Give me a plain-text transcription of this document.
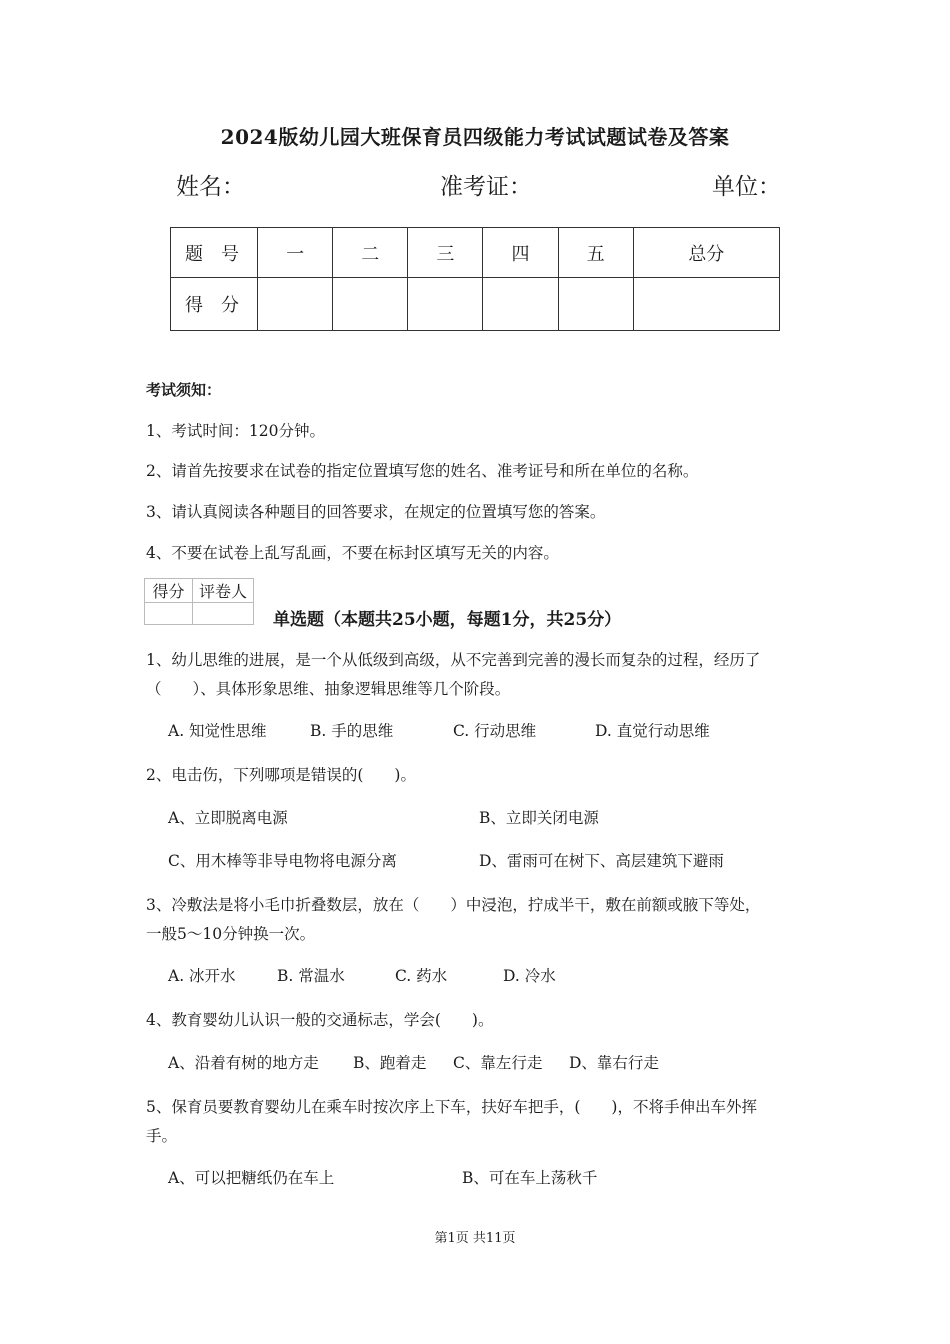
2024版幼儿园大班保育员四级能力考试试题试卷及答案
姓名：	准考证：	单位：
题号	一	二	三	四	五	总分
得分						
考试须知：
1、考试时间：120分钟。
2、请首先按要求在试卷的指定位置填写您的姓名、准考证号和所在单位的名称。
3、请认真阅读各种题目的回答要求，在规定的位置填写您的答案。
4、不要在试卷上乱写乱画，不要在标封区填写无关的内容。
得分	评卷人

单选题（本题共25小题，每题1分，共25分）
1、幼儿思维的进展，是一个从低级到高级，从不完善到完善的漫长而复杂的过程，经历了
（　　）、具体形象思维、抽象逻辑思维等几个阶段。
A. 知觉性思维	B. 手的思维	C. 行动思维	D. 直觉行动思维
2、电击伤，下列哪项是错误的(　　)。
A、立即脱离电源	B、立即关闭电源
C、用木棒等非导电物将电源分离	D、雷雨可在树下、高层建筑下避雨
3、冷敷法是将小毛巾折叠数层，放在（　　）中浸泡，拧成半干，敷在前额或腋下等处，
一般5～10分钟换一次。
A. 冰开水	B. 常温水	C. 药水	D. 冷水
4、教育婴幼儿认识一般的交通标志，学会(　　)。
A、沿着有树的地方走 B、跑着走 C、靠左行走 D、靠右行走
5、保育员要教育婴幼儿在乘车时按次序上下车，扶好车把手，(　　)，不将手伸出车外挥
手。
A、可以把糖纸仍在车上	B、可在车上荡秋千
第1页 共11页
